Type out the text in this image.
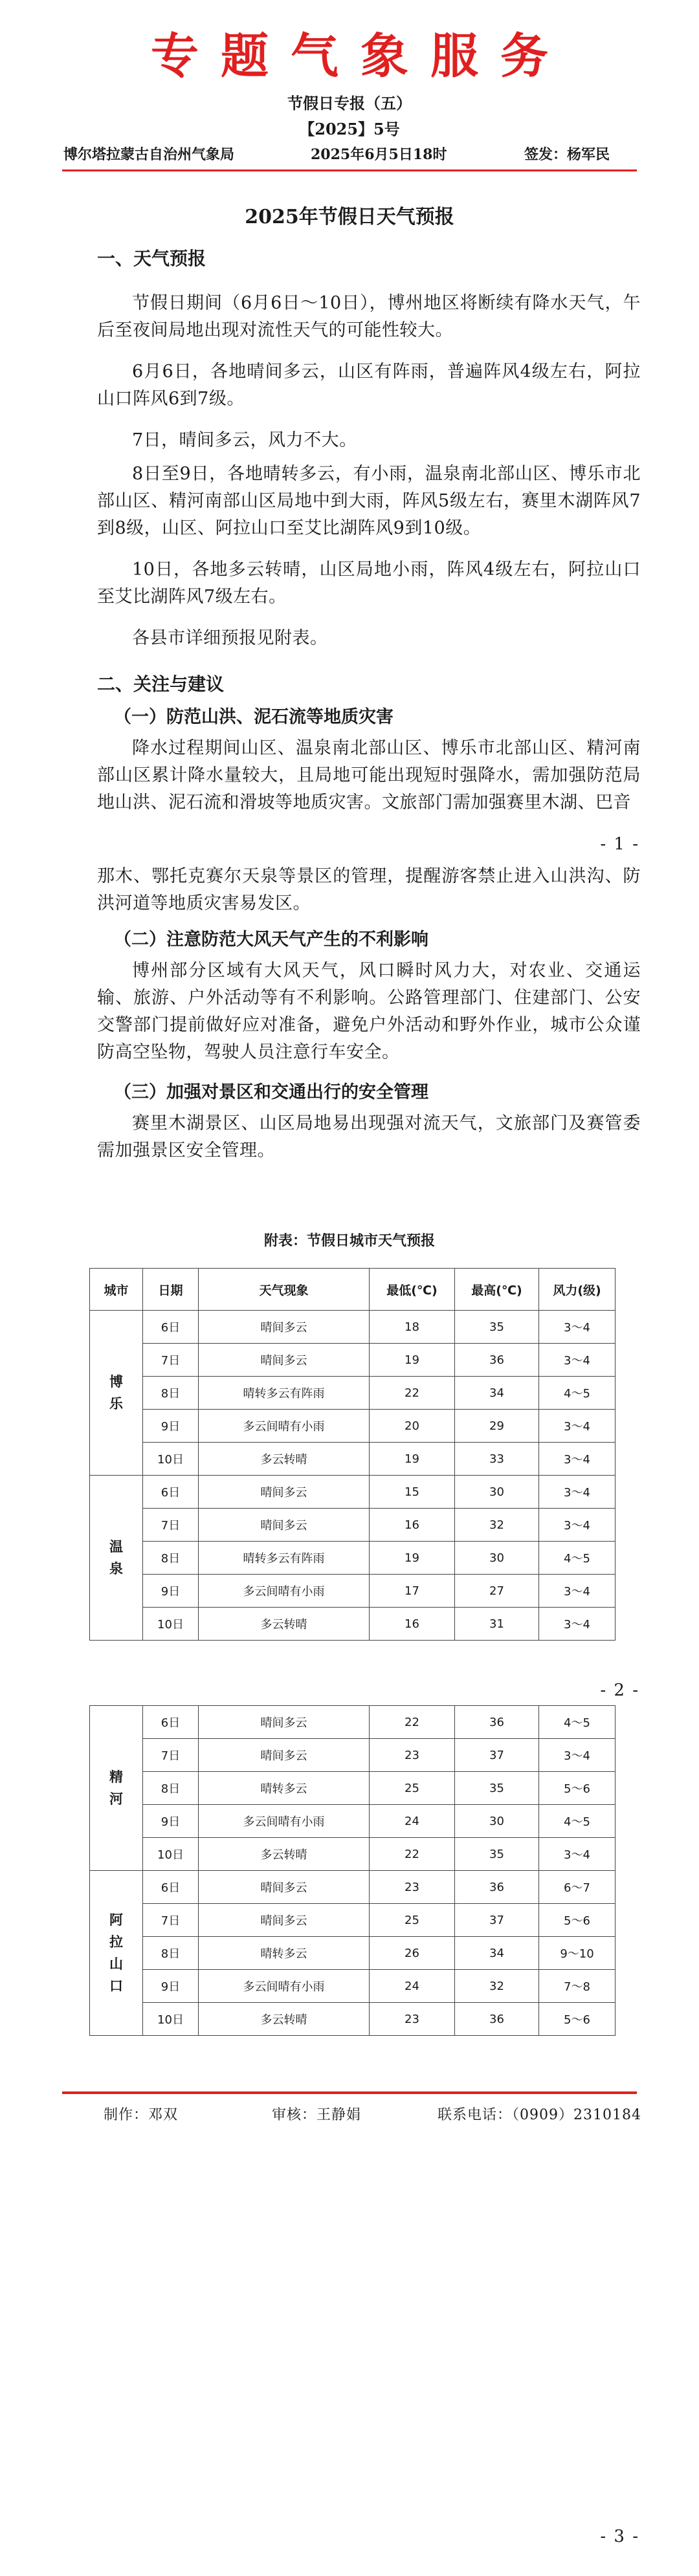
专题气象服务
节假日专报（五）
【2025】5号
博尔塔拉蒙古自治州气象局	2025年6月5日18时	签发：杨军民
2025年节假日天气预报
一、天气预报
节假日期间（6月6日～10日），博州地区将断续有降水天气，午后至夜间局地出现对流性天气的可能性较大。
6月6日，各地晴间多云，山区有阵雨，普遍阵风4级左右，阿拉山口阵风6到7级。
7日，晴间多云，风力不大。
8日至9日，各地晴转多云，有小雨，温泉南北部山区、博乐市北部山区、精河南部山区局地中到大雨，阵风5级左右，赛里木湖阵风7到8级，山区、阿拉山口至艾比湖阵风9到10级。
10日，各地多云转晴，山区局地小雨，阵风4级左右，阿拉山口至艾比湖阵风7级左右。
各县市详细预报见附表。
二、关注与建议
（一）防范山洪、泥石流等地质灾害
降水过程期间山区、温泉南北部山区、博乐市北部山区、精河南部山区累计降水量较大，且局地可能出现短时强降水，需加强防范局地山洪、泥石流和滑坡等地质灾害。文旅部门需加强赛里木湖、巴音
- 1 -
那木、鄂托克赛尔天泉等景区的管理，提醒游客禁止进入山洪沟、防洪河道等地质灾害易发区。
（二）注意防范大风天气产生的不利影响
博州部分区域有大风天气，风口瞬时风力大，对农业、交通运输、旅游、户外活动等有不利影响。公路管理部门、住建部门、公安交警部门提前做好应对准备，避免户外活动和野外作业，城市公众谨防高空坠物，驾驶人员注意行车安全。
（三）加强对景区和交通出行的安全管理
赛里木湖景区、山区局地易出现强对流天气，文旅部门及赛管委需加强景区安全管理。
附表：节假日城市天气预报
城市	日期	天气现象	最低(℃)	最高(℃)	风力(级)
博
乐	6日	晴间多云	18	35	3～4
	7日	晴间多云	19	36	3～4
	8日	晴转多云有阵雨	22	34	4～5
	9日	多云间晴有小雨	20	29	3～4
	10日	多云转晴	19	33	3～4
温
泉	6日	晴间多云	15	30	3～4
	7日	晴间多云	16	32	3～4
	8日	晴转多云有阵雨	19	30	4～5
	9日	多云间晴有小雨	17	27	3～4
	10日	多云转晴	16	31	3～4
- 2 -
精
河	6日	晴间多云	22	36	4～5
	7日	晴间多云	23	37	3～4
	8日	晴转多云	25	35	5～6
	9日	多云间晴有小雨	24	30	4～5
	10日	多云转晴	22	35	3～4
阿
拉
山
口	6日	晴间多云	23	36	6～7
	7日	晴间多云	25	37	5～6
	8日	晴转多云	26	34	9～10
	9日	多云间晴有小雨	24	32	7～8
	10日	多云转晴	23	36	5～6
制作：邓双	审核：王静娟	联系电话：（0909）2310184
- 3 -
